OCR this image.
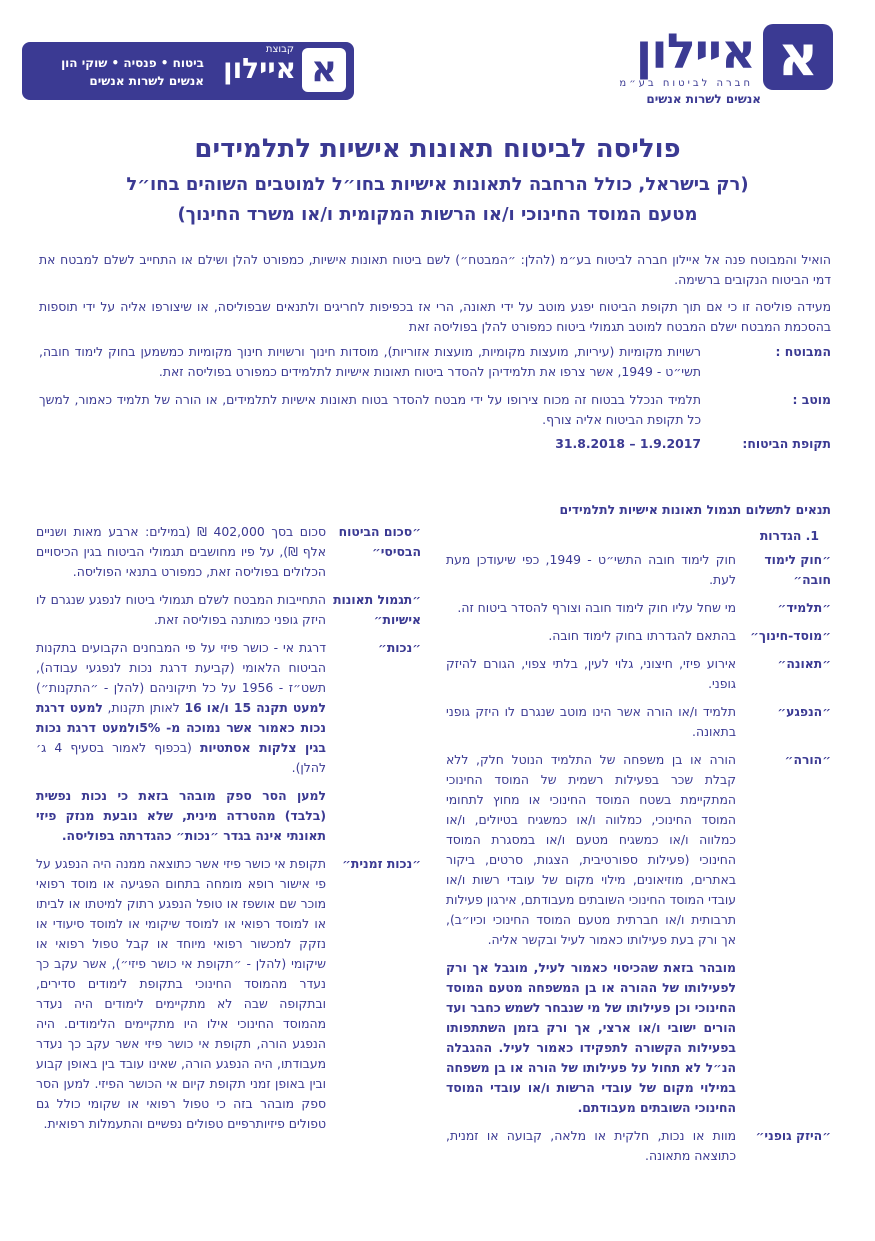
א
איילון
חברה לביטוח בע״מ
אנשים לשרות אנשים
א
קבוצת
איילון
ביטוח • פנסיה • שוקי הון
אנשים לשרות אנשים
פוליסה לביטוח תאונות אישיות לתלמידים
(רק בישראל, כולל הרחבה לתאונות אישיות בחו״ל למוטבים השוהים בחו״ל
מטעם המוסד החינוכי ו/או הרשות המקומית ו/או משרד החינוך)
הואיל והמבוטח פנה אל איילון חברה לביטוח בע״מ (להלן: ״המבטח״) לשם ביטוח תאונות אישיות, כמפורט להלן ושילם או התחייב לשלם למבטח את דמי הביטוח הנקובים ברשימה.
מעידה פוליסה זו כי אם תוך תקופת הביטוח יפגע מוטב על ידי תאונה, הרי אז בכפיפות לחריגים ולתנאים שבפוליסה, או שיצורפו אליה על ידי תוספות בהסכמת המבטח ישלם המבטח למוטב תגמולי ביטוח כמפורט להלן בפוליסה זאת
המבוטח :
רשויות מקומיות (עיריות, מועצות מקומיות, מועצות אזוריות), מוסדות חינוך ורשויות חינוך מקומיות כמשמען בחוק לימוד חובה, תשי״ט - 1949, אשר צרפו את תלמידיהן להסדר ביטוח תאונות אישיות לתלמידים כמפורט בפוליסה זאת.
מוטב :
תלמיד הנכלל בבטוח זה מכוח צירופו על ידי מבטח להסדר בטוח תאונות אישיות לתלמידים, או הורה של תלמיד כאמור, למשך כל תקופת הביטוח אליה צורף.
תקופת הביטוח:
1.9.2017 – 31.8.2018
תנאים לתשלום תגמול תאונות אישיות לתלמידים
1. הגדרות
״חוק לימוד חובה״
חוק לימוד חובה התשי״ט - 1949, כפי שיעודכן מעת לעת.
״תלמיד״
מי שחל עליו חוק לימוד חובה וצורף להסדר ביטוח זה.
״מוסד-חינוך״
בהתאם להגדרתו בחוק לימוד חובה.
״תאונה״
אירוע פיזי, חיצוני, גלוי לעין, בלתי צפוי, הגורם להיזק גופני.
״הנפגע״
תלמיד ו/או הורה אשר הינו מוטב שנגרם לו היזק גופני בתאונה.
״הורה״
הורה או בן משפחה של התלמיד הנוטל חלק, ללא קבלת שכר בפעילות רשמית של המוסד החינוכי המתקיימת בשטח המוסד החינוכי או מחוץ לתחומי המוסד החינוכי, כמלווה ו/או כמשגיח בטיולים, ו/או כמלווה ו/או כמשגיח מטעם ו/או במסגרת המוסד החינוכי (פעילות ספורטיבית, הצגות, סרטים, ביקור באתרים, מוזיאונים, מילוי מקום של עובדי רשות ו/או עובדי המוסד החינוכי השובתים מעבודתם, אירגון פעילות תרבותית ו/או חברתית מטעם המוסד החינוכי וכיו״ב), אך ורק בעת פעילותו כאמור לעיל ובקשר אליה.
מובהר בזאת שהכיסוי כאמור לעיל, מוגבל אך ורק לפעילותו של ההורה או בן המשפחה מטעם המוסד החינוכי וכן פעילותו של מי שנבחר לשמש כחבר ועד הורים ישובי ו/או ארצי, אך ורק בזמן השתתפותו בפעילות הקשורה לתפקידו כאמור לעיל. ההגבלה הנ״ל לא תחול על פעילותו של הורה או בן משפחה במילוי מקום של עובדי הרשות ו/או עובדי המוסד החינוכי השובתים מעבודתם.
״היזק גופני״
מוות או נכות, חלקית או מלאה, קבועה או זמנית, כתוצאה מתאונה.
״סכום הביטוח הבסיסי״
סכום בסך 402,000 ₪ (במילים: ארבע מאות ושניים אלף ₪), על פיו מחושבים תגמולי הביטוח בגין הכיסויים הכלולים בפוליסה זאת, כמפורט בתנאי הפוליסה.
״תגמול תאונות אישיות״
התחייבות המבטח לשלם תגמולי ביטוח לנפגע שנגרם לו היזק גופני כמותנה בפוליסה זאת.
״נכות״
דרגת אי - כושר פיזי על פי המבחנים הקבועים בתקנות הביטוח הלאומי (קביעת דרגת נכות לנפגעי עבודה), תשט״ז - 1956 על כל תיקוניהם (להלן - ״התקנות״) למעט תקנה 15 ו/או 16 לאותן תקנות, למעט דרגת נכות כאמור אשר נמוכה מ- 5%ולמעט דרגת נכות בגין צלקות אסתטיות (בכפוף לאמור בסעיף 4 ג׳ להלן).
למען הסר ספק מובהר בזאת כי נכות נפשית (בלבד) מהטרדה מינית, שלא נובעת מנזק פיזי תאונתי אינה בגדר ״נכות״ כהגדרתה בפוליסה.
״נכות זמנית״
תקופת אי כושר פיזי אשר כתוצאה ממנה היה הנפגע על פי אישור רופא מומחה בתחום הפגיעה או מוסד רפואי מוכר שם אושפז או טופל הנפגע רתוק למיטתו או לביתו או למוסד רפואי או למוסד שיקומי או למוסד סיעודי או נזקק למכשור רפואי מיוחד או קבל טפול רפואי או שיקומי (להלן - ״תקופת אי כושר פיזי״), אשר עקב כך נעדר מהמוסד החינוכי בתקופת לימודים סדירים, ובתקופה שבה לא מתקיימים לימודים היה נעדר מהמוסד החינוכי אילו היו מתקיימים הלימודים. היה הנפגע הורה, תקופת אי כושר פיזי אשר עקב כך נעדר מעבודתו, היה הנפגע הורה, שאינו עובד בין באופן קבוע ובין באופן זמני תקופת קיום אי הכושר הפיזי. למען הסר ספק מובהר בזה כי טפול רפואי או שקומי כולל גם טפולים פיזיותרפיים טפולים נפשיים והתעמלות רפואית.
